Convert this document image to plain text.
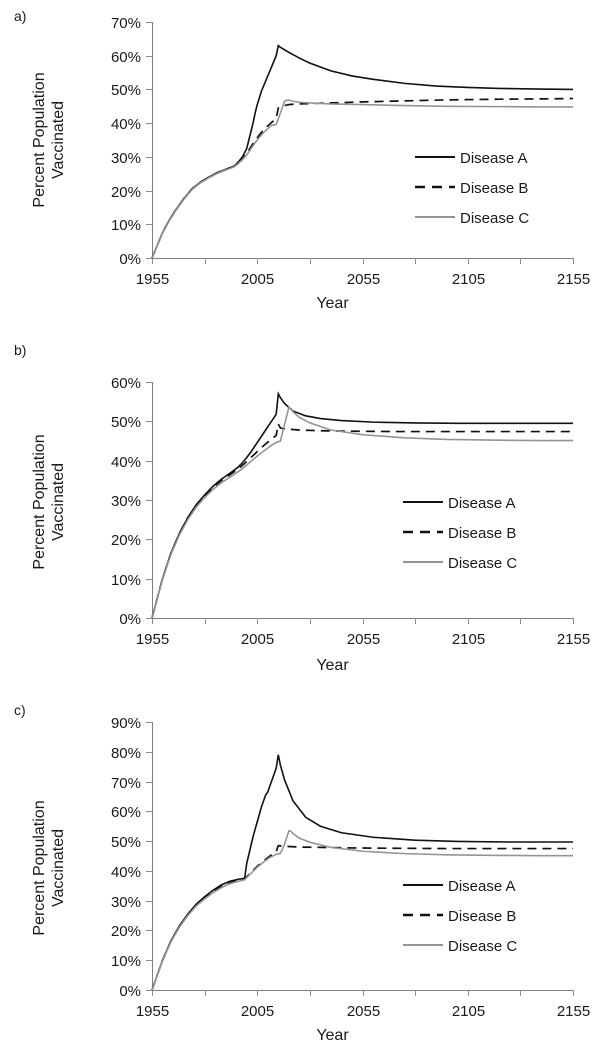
a)
0%
10%
20%
30%
40%
50%
60%
70%
1955	2005	2055	2105	2155
Year
Percent Population Vaccinated	Disease A
Disease B
Disease C
b)
0%
10%
20%
30%
40%
50%
60%
1955	2005	2055	2105	2155
Year
Percent Population Vaccinated	Disease A
Disease B
Disease C
c)
0%
10%
20%
30%
40%
50%
60%
70%
80%
90%
1955	2005	2055	2105	2155
Year
Percent Population Vaccinated	Disease A
Disease B
Disease C
